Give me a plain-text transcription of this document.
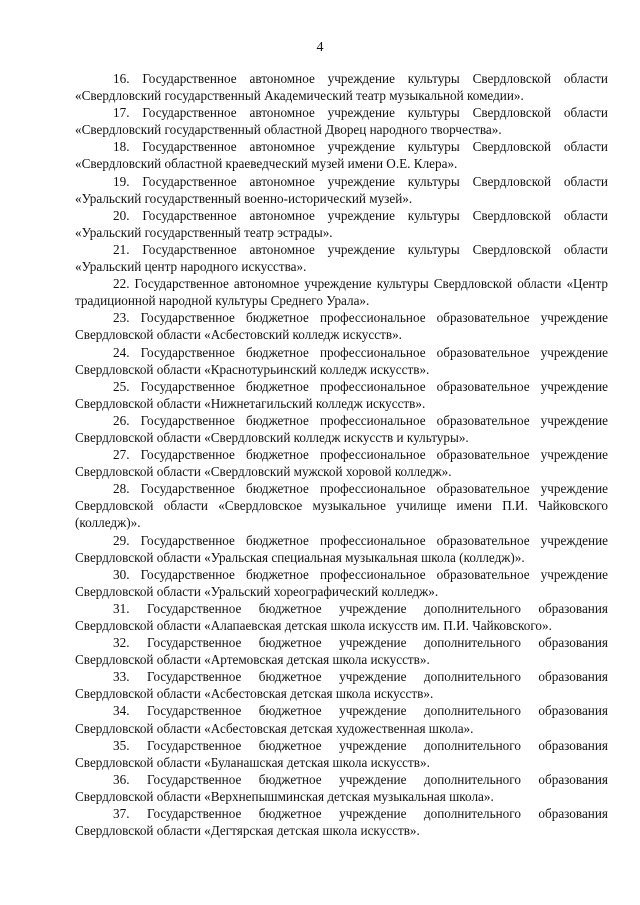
4

16. Государственное автономное учреждение культуры Свердловской области «Свердловский государственный Академический театр музыкальной комедии».

17. Государственное автономное учреждение культуры Свердловской области «Свердловский государственный областной Дворец народного творчества».

18. Государственное автономное учреждение культуры Свердловской области «Свердловский областной краеведческий музей имени О.Е. Клера».

19. Государственное автономное учреждение культуры Свердловской области «Уральский государственный военно-исторический музей».

20. Государственное автономное учреждение культуры Свердловской области «Уральский государственный театр эстрады».

21. Государственное автономное учреждение культуры Свердловской области «Уральский центр народного искусства».

22. Государственное автономное учреждение культуры Свердловской области «Центр традиционной народной культуры Среднего Урала».

23. Государственное бюджетное профессиональное образовательное учреждение Свердловской области «Асбестовский колледж искусств».

24. Государственное бюджетное профессиональное образовательное учреждение Свердловской области «Краснотурьинский колледж искусств».

25. Государственное бюджетное профессиональное образовательное учреждение Свердловской области «Нижнетагильский колледж искусств».

26. Государственное бюджетное профессиональное образовательное учреждение Свердловской области «Свердловский колледж искусств и культуры».

27. Государственное бюджетное профессиональное образовательное учреждение Свердловской области «Свердловский мужской хоровой колледж».

28. Государственное бюджетное профессиональное образовательное учреждение Свердловской области «Свердловское музыкальное училище имени П.И. Чайковского (колледж)».

29. Государственное бюджетное профессиональное образовательное учреждение Свердловской области «Уральская специальная музыкальная школа (колледж)».

30. Государственное бюджетное профессиональное образовательное учреждение Свердловской области «Уральский хореографический колледж».

31. Государственное бюджетное учреждение дополнительного образования Свердловской области «Алапаевская детская школа искусств им. П.И. Чайковского».

32. Государственное бюджетное учреждение дополнительного образования Свердловской области «Артемовская детская школа искусств».

33. Государственное бюджетное учреждение дополнительного образования Свердловской области «Асбестовская детская школа искусств».

34. Государственное бюджетное учреждение дополнительного образования Свердловской области «Асбестовская детская художественная школа».

35. Государственное бюджетное учреждение дополнительного образования Свердловской области «Буланашская детская школа искусств».

36. Государственное бюджетное учреждение дополнительного образования Свердловской области «Верхнепышминская детская музыкальная школа».

37. Государственное бюджетное учреждение дополнительного образования Свердловской области «Дегтярская детская школа искусств».
